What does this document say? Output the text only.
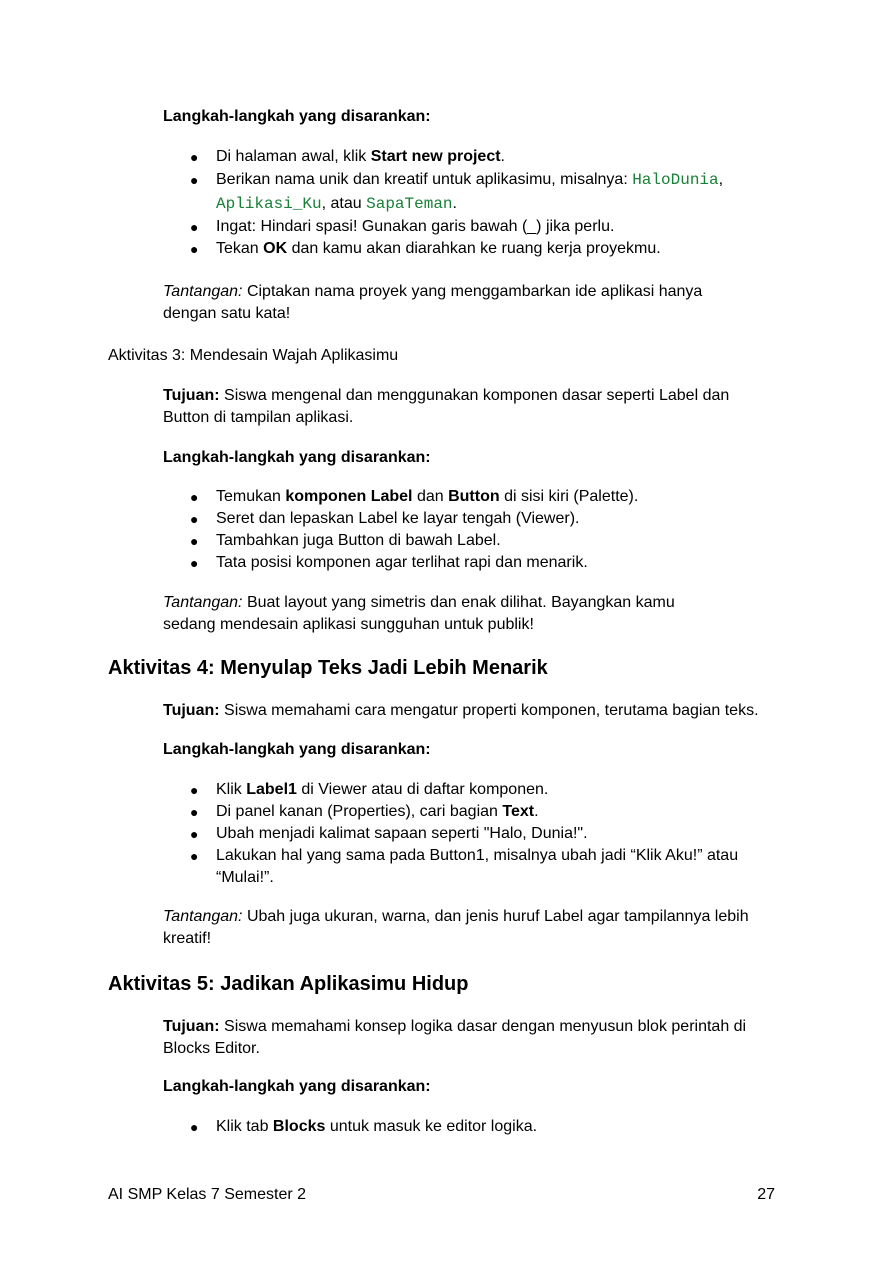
Langkah-langkah yang disarankan:

● Di halaman awal, klik Start new project.
● Berikan nama unik dan kreatif untuk aplikasimu, misalnya: HaloDunia, Aplikasi_Ku, atau SapaTeman.
● Ingat: Hindari spasi! Gunakan garis bawah (_) jika perlu.
● Tekan OK dan kamu akan diarahkan ke ruang kerja proyekmu.

Tantangan: Ciptakan nama proyek yang menggambarkan ide aplikasi hanya dengan satu kata!

Aktivitas 3: Mendesain Wajah Aplikasimu

Tujuan: Siswa mengenal dan menggunakan komponen dasar seperti Label dan Button di tampilan aplikasi.

Langkah-langkah yang disarankan:

● Temukan komponen Label dan Button di sisi kiri (Palette).
● Seret dan lepaskan Label ke layar tengah (Viewer).
● Tambahkan juga Button di bawah Label.
● Tata posisi komponen agar terlihat rapi dan menarik.

Tantangan: Buat layout yang simetris dan enak dilihat. Bayangkan kamu sedang mendesain aplikasi sungguhan untuk publik!

Aktivitas 4: Menyulap Teks Jadi Lebih Menarik

Tujuan: Siswa memahami cara mengatur properti komponen, terutama bagian teks.

Langkah-langkah yang disarankan:

● Klik Label1 di Viewer atau di daftar komponen.
● Di panel kanan (Properties), cari bagian Text.
● Ubah menjadi kalimat sapaan seperti "Halo, Dunia!".
● Lakukan hal yang sama pada Button1, misalnya ubah jadi “Klik Aku!” atau “Mulai!”.

Tantangan: Ubah juga ukuran, warna, dan jenis huruf Label agar tampilannya lebih kreatif!

Aktivitas 5: Jadikan Aplikasimu Hidup

Tujuan: Siswa memahami konsep logika dasar dengan menyusun blok perintah di Blocks Editor.

Langkah-langkah yang disarankan:

● Klik tab Blocks untuk masuk ke editor logika.
AI SMP Kelas 7 Semester 2	27
